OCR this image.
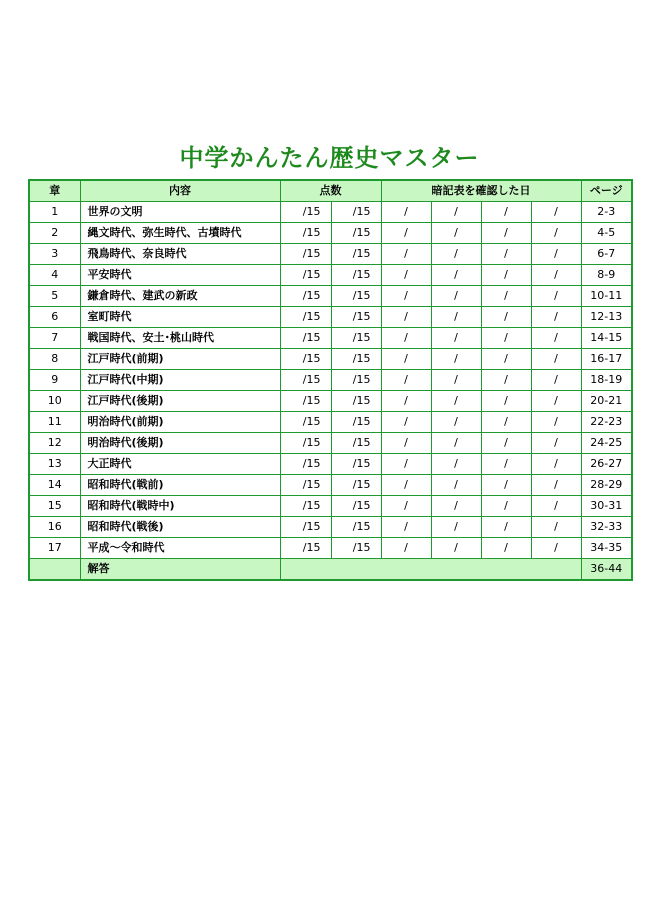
中学かんたん歴史マスター
章	内容	点数		暗記表を確認した日				ページ
1	世界の文明	/15	/15	/	/	/	/	2-3
2	縄文時代、弥生時代、古墳時代	/15	/15	/	/	/	/	4-5
3	飛鳥時代、奈良時代	/15	/15	/	/	/	/	6-7
4	平安時代	/15	/15	/	/	/	/	8-9
5	鎌倉時代、建武の新政	/15	/15	/	/	/	/	10-11
6	室町時代	/15	/15	/	/	/	/	12-13
7	戦国時代、安土･桃山時代	/15	/15	/	/	/	/	14-15
8	江戸時代(前期)	/15	/15	/	/	/	/	16-17
9	江戸時代(中期)	/15	/15	/	/	/	/	18-19
10	江戸時代(後期)	/15	/15	/	/	/	/	20-21
11	明治時代(前期)	/15	/15	/	/	/	/	22-23
12	明治時代(後期)	/15	/15	/	/	/	/	24-25
13	大正時代	/15	/15	/	/	/	/	26-27
14	昭和時代(戦前)	/15	/15	/	/	/	/	28-29
15	昭和時代(戦時中)	/15	/15	/	/	/	/	30-31
16	昭和時代(戦後)	/15	/15	/	/	/	/	32-33
17	平成～令和時代	/15	/15	/	/	/	/	34-35
	解答							36-44
